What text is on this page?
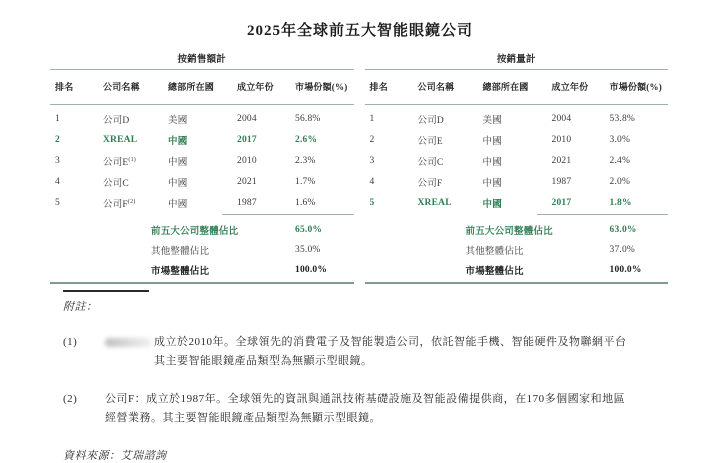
2025年全球前五大智能眼鏡公司
按銷售額計
排名	公司名稱	總部所在國	成立年份	市場份額(%)
1	公司D	美國	2004	56.8%
2	XREAL	中國	2017	2.6%
3	公司$E^{(1)}$	中國	2010	2.3%
4	公司C	中國	2021	1.7%
5	公司$F^{(2)}$	中國	1987	1.6%
前五大公司整體佔比	65.0%
其他整體佔比	35.0%
市場整體佔比	100.0%
按銷量計
排名	公司名稱	總部所在國	成立年份	市場份額(%)
1	公司D	美國	2004	53.8%
2	公司E	中國	2010	3.0%
3	公司C	中國	2021	2.4%
4	公司F	中國	1987	2.0%
5	XREAL	中國	2017	1.8%
前五大公司整體佔比	63.0%
其他整體佔比	37.0%
市場整體佔比	100.0%
附註：
(1)	成立於2010年。全球領先的消費電子及智能製造公司，依託智能手機、智能硬件及物聯網平台
其主要智能眼鏡產品類型為無顯示型眼鏡。
(2)	公司F：成立於1987年。全球領先的資訊與通訊技術基礎設施及智能設備提供商，在170多個國家和地區
經營業務。其主要智能眼鏡產品類型為無顯示型眼鏡。
資料來源：艾瑞諮詢
